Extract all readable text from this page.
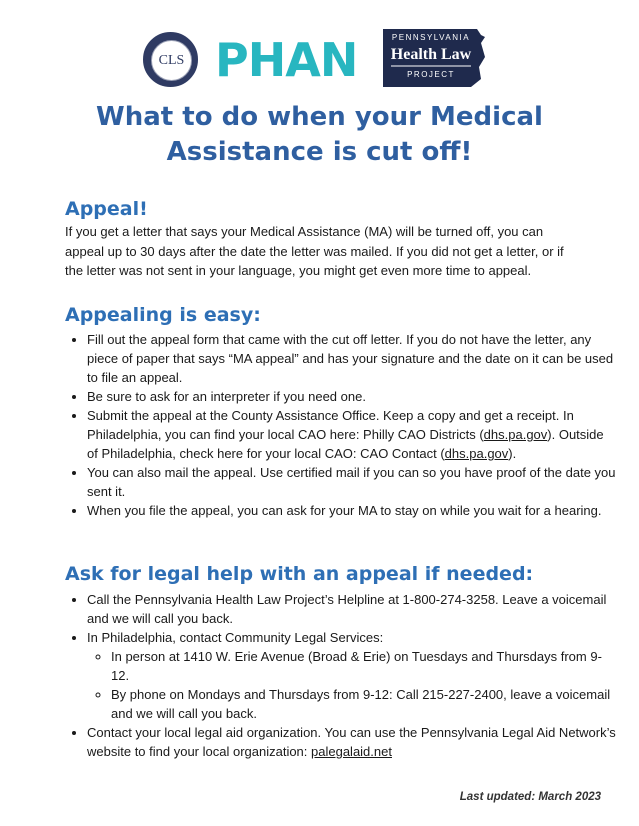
CLS PHAN	PENNSYLVANIA
Health Law
PROJECT
What to do when your Medical
Assistance is cut off!
Appeal!

If you get a letter that says your Medical Assistance (MA) will be turned off, you can appeal up to 30 days after the date the letter was mailed. If you did not get a letter, or if the letter was not sent in your language, you might get even more time to appeal.

Appealing is easy:
• Fill out the appeal form that came with the cut off letter. If you do not have the letter, any piece of paper that says “MA appeal” and has your signature and the date on it can be used to file an appeal.
• Be sure to ask for an interpreter if you need one.
• Submit the appeal at the County Assistance Office. Keep a copy and get a receipt. In Philadelphia, you can find your local CAO here: Philly CAO Districts (dhs.pa.gov). Outside of Philadelphia, check here for your local CAO: CAO Contact (dhs.pa.gov).
• You can also mail the appeal. Use certified mail if you can so you have proof of the date you sent it.
• When you file the appeal, you can ask for your MA to stay on while you wait for a hearing.
Ask for legal help with an appeal if needed:
• Call the Pennsylvania Health Law Project’s Helpline at 1-800-274-3258. Leave a voicemail and we will call you back.
• In Philadelphia, contact Community Legal Services:
◦ In person at 1410 W. Erie Avenue (Broad & Erie) on Tuesdays and Thursdays from 9-12.
◦ By phone on Mondays and Thursdays from 9-12: Call 215-227-2400, leave a voicemail and we will call you back.
• Contact your local legal aid organization. You can use the Pennsylvania Legal Aid Network’s website to find your local organization: palegalaid.net
Last updated: March 2023
